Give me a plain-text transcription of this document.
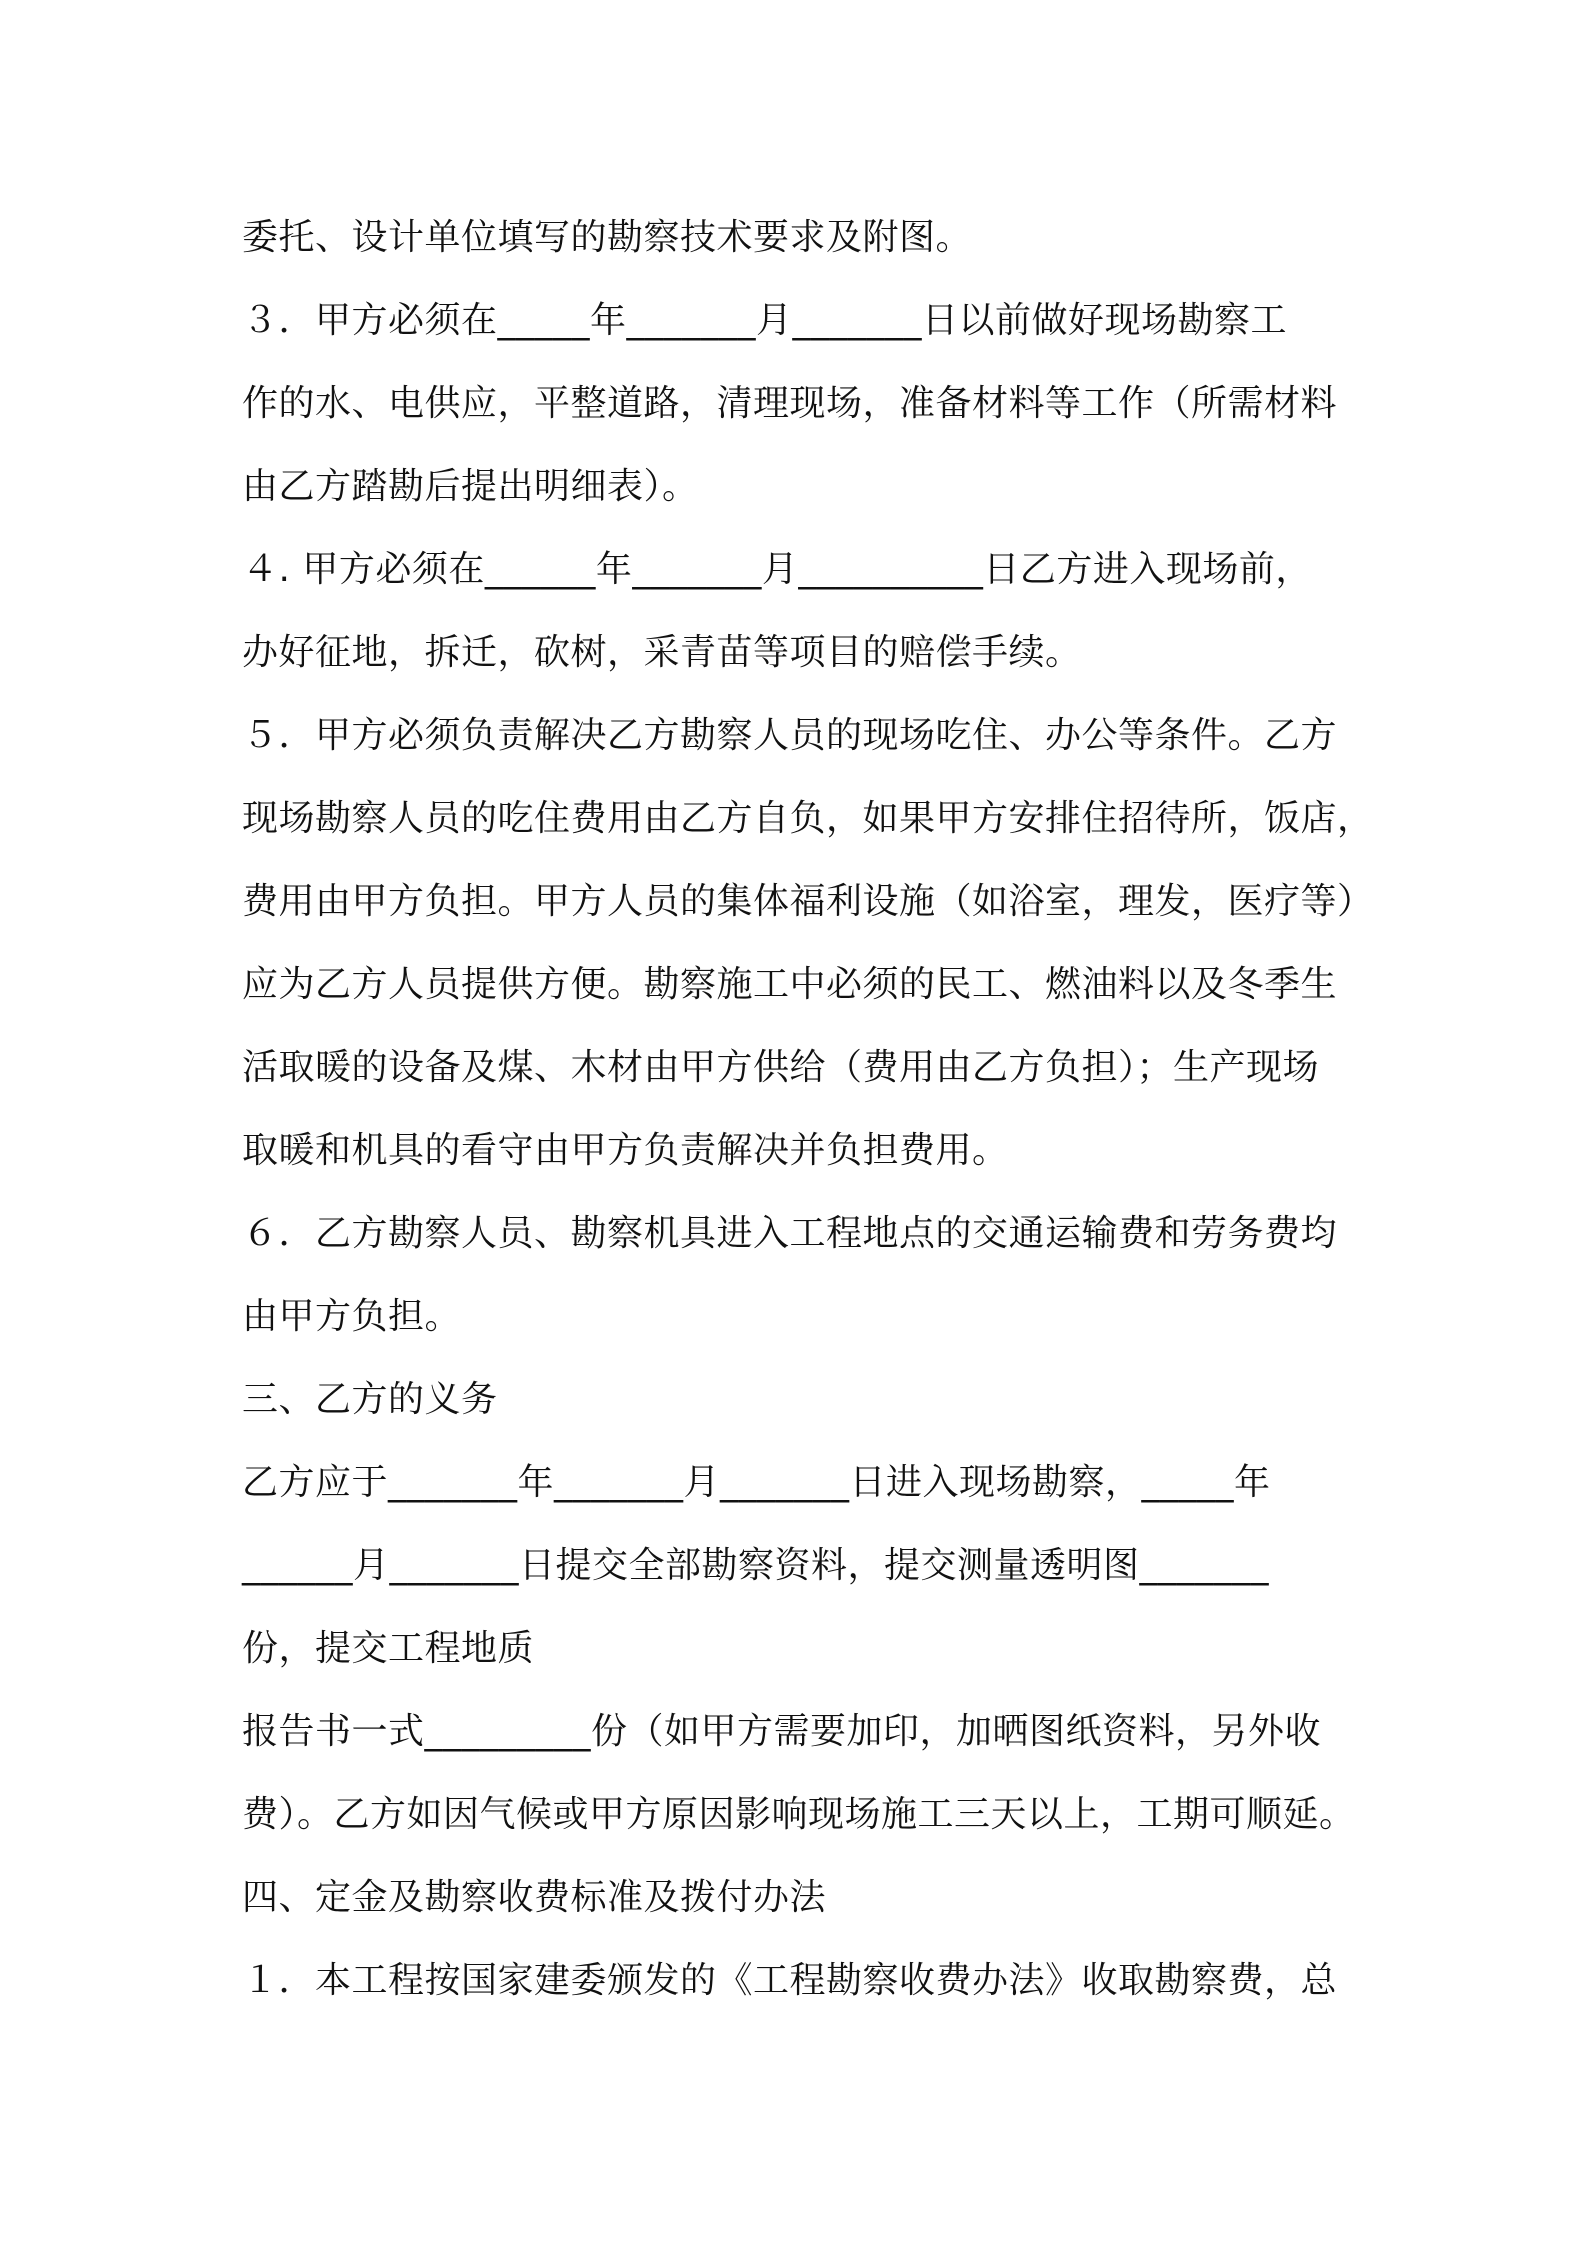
委托、设计单位填写的勘察技术要求及附图。
３．甲方必须在_____年_______月_______日以前做好现场勘察工
作的水、电供应，平整道路，清理现场，准备材料等工作（所需材料
由乙方踏勘后提出明细表）。
４. 甲方必须在______年_______月__________日乙方进入现场前，
办好征地，拆迁，砍树，采青苗等项目的赔偿手续。
５．甲方必须负责解决乙方勘察人员的现场吃住、办公等条件。乙方
现场勘察人员的吃住费用由乙方自负，如果甲方安排住招待所，饭店，
费用由甲方负担。甲方人员的集体福利设施（如浴室，理发，医疗等）
应为乙方人员提供方便。勘察施工中必须的民工、燃油料以及冬季生
活取暖的设备及煤、木材由甲方供给（费用由乙方负担）；生产现场
取暖和机具的看守由甲方负责解决并负担费用。
６．乙方勘察人员、勘察机具进入工程地点的交通运输费和劳务费均
由甲方负担。
三、乙方的义务
乙方应于_______年_______月_______日进入现场勘察，_____年
______月_______日提交全部勘察资料，提交测量透明图_______
份，提交工程地质
报告书一式_________份（如甲方需要加印，加晒图纸资料，另外收
费）。乙方如因气候或甲方原因影响现场施工三天以上，工期可顺延。
四、定金及勘察收费标准及拨付办法
１．本工程按国家建委颁发的《工程勘察收费办法》收取勘察费，总
